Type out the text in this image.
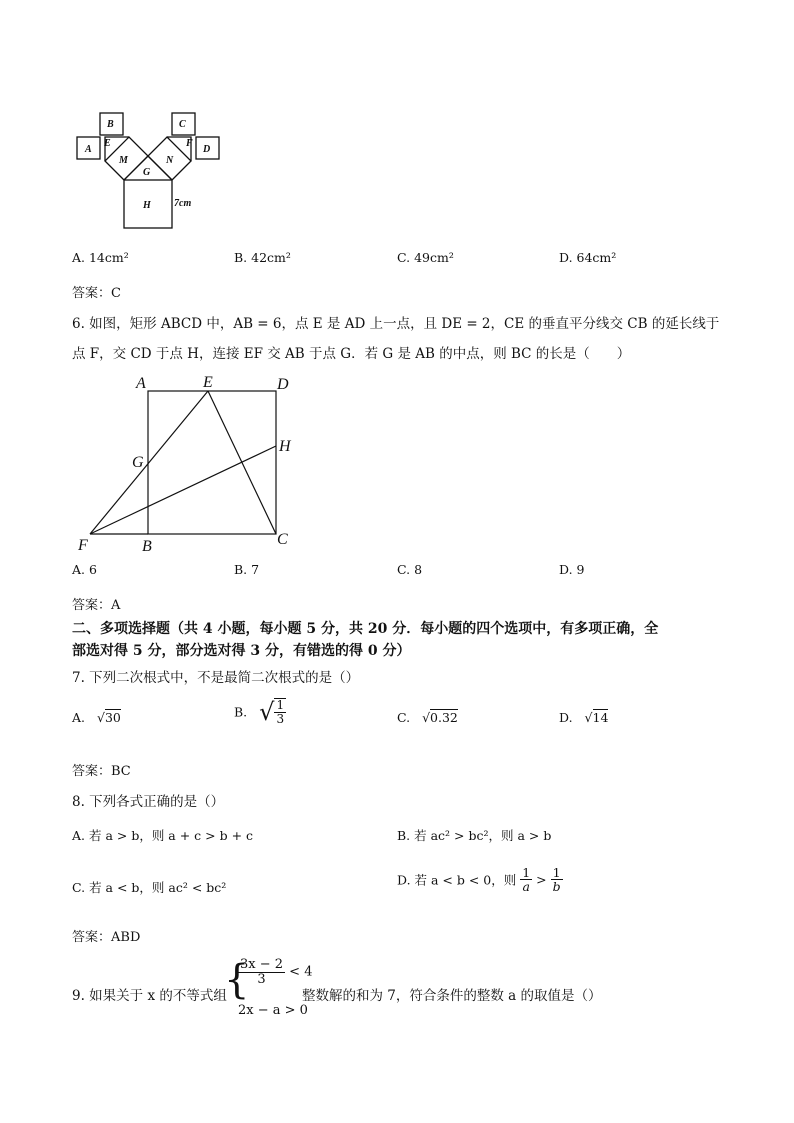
A
B	C
D
E	F
M	N
G
H 7cm
A. 14cm²	B. 42cm²	C. 49cm²	D. 64cm²
答案：C
6. 如图，矩形 ABCD 中，AB = 6，点 E 是 AD 上一点，且 DE = 2，CE 的垂直平分线交 CB 的延长线于
点 F，交 CD 于点 H，连接 EF 交 AB 于点 G．若 G 是 AB 的中点，则 BC 的长是（　　）
A	E	D
G
H
F	B	C
A. 6	B. 7	C. 8	D. 9
答案：A
二、多项选择题（共 4 小题，每小题 5 分，共 20 分．每小题的四个选项中，有多项正确，全
部选对得 5 分，部分选对得 3 分，有错选的得 0 分）
7. 下列二次根式中，不是最简二次根式的是（）
A. √30	B. √ $\frac{1}{3}$	C. √0.32	D. √14
答案：BC
8. 下列各式正确的是（）
A. 若 a > b，则 a + c > b + c	B. 若 ac² > bc²，则 a > b
C. 若 a < b，则 ac² < bc²	D. 若 a < b < 0，则 $\frac{1}{a} > \frac{1}{b}$
答案：ABD
9. 如果关于 x 的不等式组
{
$\frac{3x - 2}{3} < 4$
2x − a > 0
整数解的和为 7，符合条件的整数 a 的取值是（）
